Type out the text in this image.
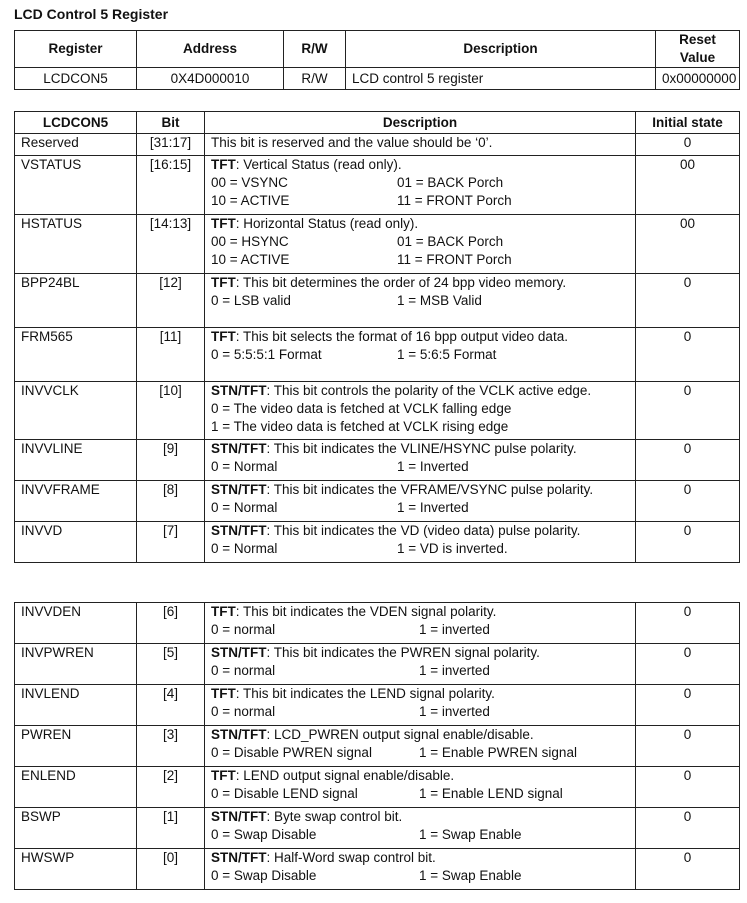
LCD Control 5 Register
Register	Address	R/W	Description	Reset Value
LCDCON5	0X4D000010	R/W	LCD control 5 register	0x00000000
LCDCON5	Bit	Description	Initial state
Reserved	[31:17]	This bit is reserved and the value should be ‘0’.	0
VSTATUS	[16:15]	TFT: Vertical Status (read only).
00 = VSYNC 01 = BACK Porch
10 = ACTIVE 11 = FRONT Porch	00
HSTATUS	[14:13]	TFT: Horizontal Status (read only).
00 = HSYNC 01 = BACK Porch
10 = ACTIVE 11 = FRONT Porch	00
BPP24BL	[12]	TFT: This bit determines the order of 24 bpp video memory.
0 = LSB valid 1 = MSB Valid	0
FRM565	[11]	TFT: This bit selects the format of 16 bpp output video data.
0 = 5:5:5:1 Format 1 = 5:6:5 Format	0
INVVCLK	[10]	STN/TFT: This bit controls the polarity of the VCLK active edge.
0 = The video data is fetched at VCLK falling edge
1 = The video data is fetched at VCLK rising edge	0
INVVLINE	[9]	STN/TFT: This bit indicates the VLINE/HSYNC pulse polarity.
0 = Normal 1 = Inverted	0
INVVFRAME	[8]	STN/TFT: This bit indicates the VFRAME/VSYNC pulse polarity.
0 = Normal 1 = Inverted	0
INVVD	[7]	STN/TFT: This bit indicates the VD (video data) pulse polarity.
0 = Normal 1 = VD is inverted.	0
INVVDEN	[6]	TFT: This bit indicates the VDEN signal polarity.
0 = normal 1 = inverted	0
INVPWREN	[5]	STN/TFT: This bit indicates the PWREN signal polarity.
0 = normal 1 = inverted	0
INVLEND	[4]	TFT: This bit indicates the LEND signal polarity.
0 = normal 1 = inverted	0
PWREN	[3]	STN/TFT: LCD_PWREN output signal enable/disable.
0 = Disable PWREN signal 1 = Enable PWREN signal	0
ENLEND	[2]	TFT: LEND output signal enable/disable.
0 = Disable LEND signal 1 = Enable LEND signal	0
BSWP	[1]	STN/TFT: Byte swap control bit.
0 = Swap Disable 1 = Swap Enable	0
HWSWP	[0]	STN/TFT: Half-Word swap control bit.
0 = Swap Disable 1 = Swap Enable	0
